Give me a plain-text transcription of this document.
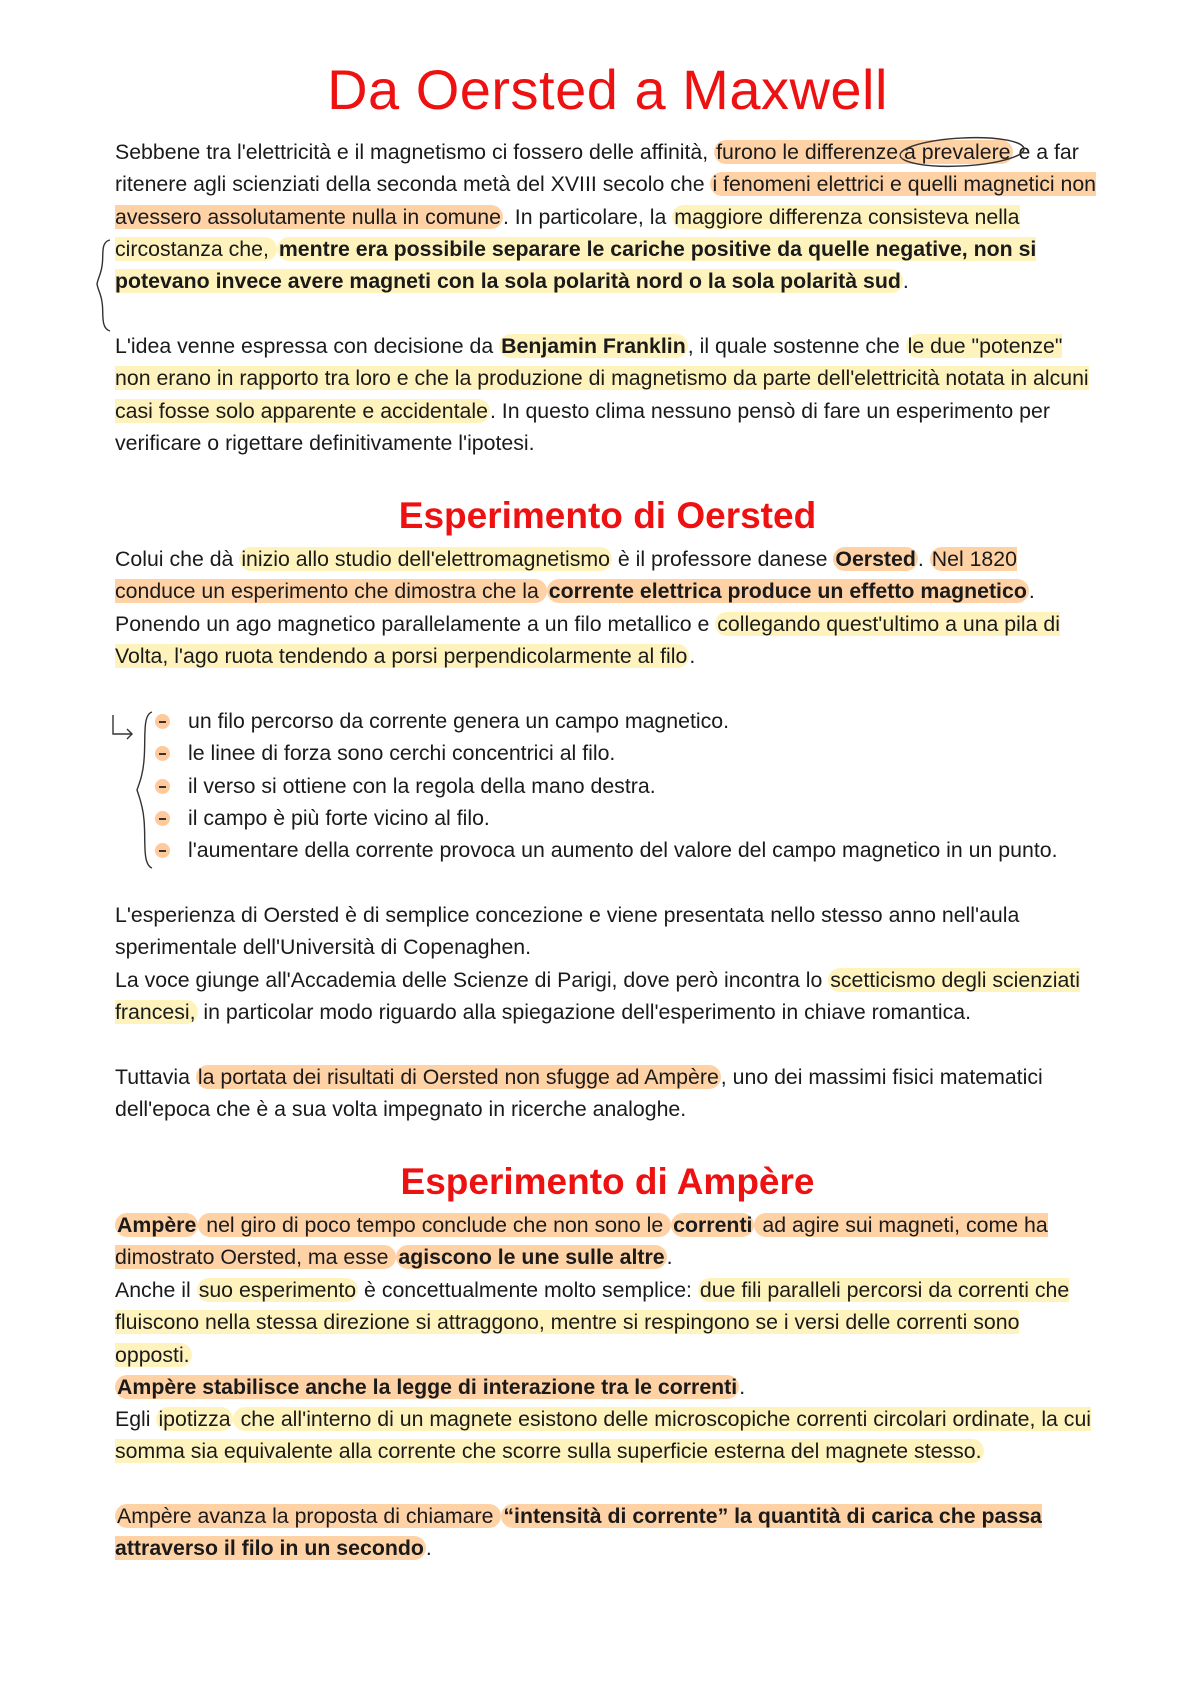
Da Oersted a Maxwell

Sebbene tra l'elettricità e il magnetismo ci fossero delle affinità, furono le differenze a prevalere e a far ritenere agli scienziati della seconda metà del XVIII secolo che i fenomeni elettrici e quelli magnetici non avessero assolutamente nulla in comune. In particolare, la maggiore differenza consisteva nella circostanza che, mentre era possibile separare le cariche positive da quelle negative, non si potevano invece avere magneti con la sola polarità nord o la sola polarità sud.

L'idea venne espressa con decisione da Benjamin Franklin, il quale sostenne che le due "potenze" non erano in rapporto tra loro e che la produzione di magnetismo da parte dell'elettricità notata in alcuni casi fosse solo apparente e accidentale. In questo clima nessuno pensò di fare un esperimento per verificare o rigettare definitivamente l'ipotesi.

Esperimento di Oersted

Colui che dà inizio allo studio dell'elettromagnetismo è il professore danese Oersted. Nel 1820 conduce un esperimento che dimostra che la corrente elettrica produce un effetto magnetico. Ponendo un ago magnetico parallelamente a un filo metallico e collegando quest'ultimo a una pila di Volta, l'ago ruota tendendo a porsi perpendicolarmente al filo.

un filo percorso da corrente genera un campo magnetico.
le linee di forza sono cerchi concentrici al filo.
il verso si ottiene con la regola della mano destra.
il campo è più forte vicino al filo.
l'aumentare della corrente provoca un aumento del valore del campo magnetico in un punto.

L'esperienza di Oersted è di semplice concezione e viene presentata nello stesso anno nell'aula sperimentale dell'Università di Copenaghen.

La voce giunge all'Accademia delle Scienze di Parigi, dove però incontra lo scetticismo degli scienziati francesi, in particolar modo riguardo alla spiegazione dell'esperimento in chiave romantica.

Tuttavia la portata dei risultati di Oersted non sfugge ad Ampère, uno dei massimi fisici matematici dell'epoca che è a sua volta impegnato in ricerche analoghe.

Esperimento di Ampère

Ampère nel giro di poco tempo conclude che non sono le correnti ad agire sui magneti, come ha dimostrato Oersted, ma esse agiscono le une sulle altre.

Anche il suo esperimento è concettualmente molto semplice: due fili paralleli percorsi da correnti che fluiscono nella stessa direzione si attraggono, mentre si respingono se i versi delle correnti sono opposti.

Ampère stabilisce anche la legge di interazione tra le correnti.

Egli ipotizza che all'interno di un magnete esistono delle microscopiche correnti circolari ordinate, la cui somma sia equivalente alla corrente che scorre sulla superficie esterna del magnete stesso.

Ampère avanza la proposta di chiamare “intensità di corrente” la quantità di carica che passa attraverso il filo in un secondo.
